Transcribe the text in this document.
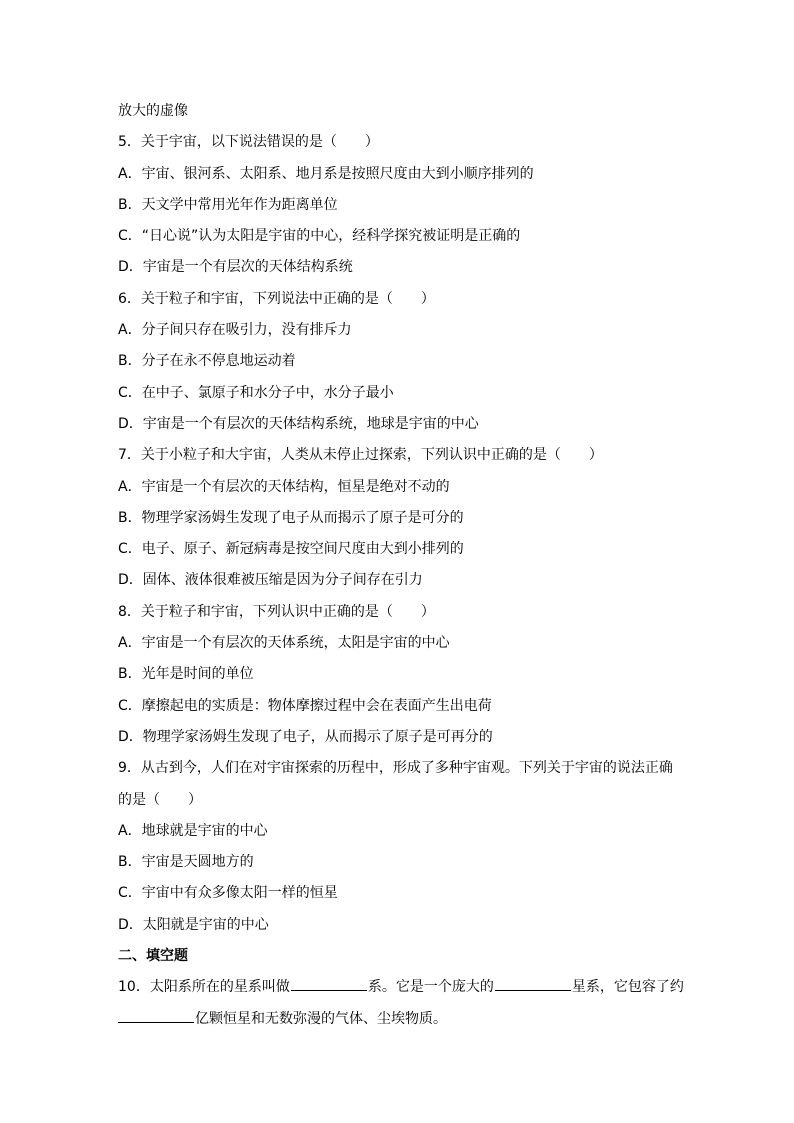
放大的虚像
5．关于宇宙，以下说法错误的是（　　）
A．宇宙、银河系、太阳系、地月系是按照尺度由大到小顺序排列的
B．天文学中常用光年作为距离单位
C．“日心说”认为太阳是宇宙的中心，经科学探究被证明是正确的
D．宇宙是一个有层次的天体结构系统
6．关于粒子和宇宙，下列说法中正确的是（　　）
A．分子间只存在吸引力，没有排斥力
B．分子在永不停息地运动着
C．在中子、氯原子和水分子中，水分子最小
D．宇宙是一个有层次的天体结构系统，地球是宇宙的中心
7．关于小粒子和大宇宙，人类从未停止过探索，下列认识中正确的是（　　）
A．宇宙是一个有层次的天体结构，恒星是绝对不动的
B．物理学家汤姆生发现了电子从而揭示了原子是可分的
C．电子、原子、新冠病毒是按空间尺度由大到小排列的
D．固体、液体很难被压缩是因为分子间存在引力
8．关于粒子和宇宙，下列认识中正确的是（　　）
A．宇宙是一个有层次的天体系统，太阳是宇宙的中心
B．光年是时间的单位
C．摩擦起电的实质是：物体摩擦过程中会在表面产生出电荷
D．物理学家汤姆生发现了电子，从而揭示了原子是可再分的
9．从古到今，人们在对宇宙探索的历程中，形成了多种宇宙观。下列关于宇宙的说法正确
的是（　　）
A．地球就是宇宙的中心
B．宇宙是天圆地方的
C．宇宙中有众多像太阳一样的恒星
D．太阳就是宇宙的中心
二、填空题
10．太阳系所在的星系叫做	系。它是一个庞大的	星系，它包容了约
亿颗恒星和无数弥漫的气体、尘埃物质。
